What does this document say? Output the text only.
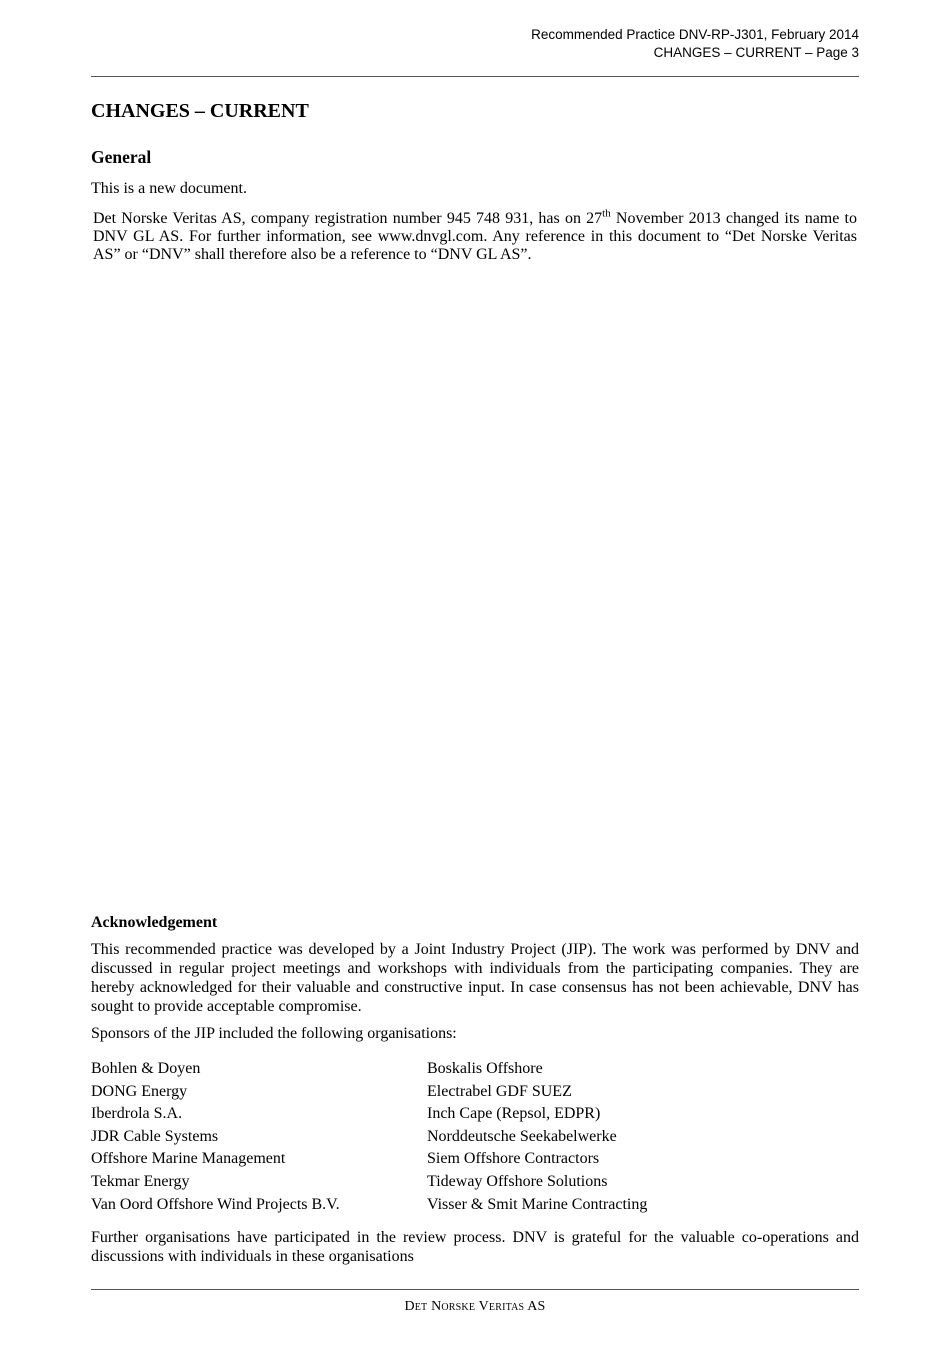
Recommended Practice DNV-RP-J301, February 2014
CHANGES – CURRENT – Page 3
CHANGES – CURRENT
General

This is a new document.

Det Norske Veritas AS, company registration number 945 748 931, has on 27th November 2013 changed its name to DNV GL AS. For further information, see www.dnvgl.com. Any reference in this document to “Det Norske Veritas AS” or “DNV” shall therefore also be a reference to “DNV GL AS”.

Acknowledgement

This recommended practice was developed by a Joint Industry Project (JIP). The work was performed by DNV and discussed in regular project meetings and workshops with individuals from the participating companies. They are hereby acknowledged for their valuable and constructive input. In case consensus has not been achievable, DNV has sought to provide acceptable compromise.

Sponsors of the JIP included the following organisations:

Bohlen & Doyen	Boskalis Offshore
DONG Energy	Electrabel GDF SUEZ
Iberdrola S.A.	Inch Cape (Repsol, EDPR)
JDR Cable Systems	Norddeutsche Seekabelwerke
Offshore Marine Management	Siem Offshore Contractors
Tekmar Energy	Tideway Offshore Solutions
Van Oord Offshore Wind Projects B.V.	Visser & Smit Marine Contracting

Further organisations have participated in the review process. DNV is grateful for the valuable co-operations and discussions with individuals in these organisations

Det Norske Veritas AS
